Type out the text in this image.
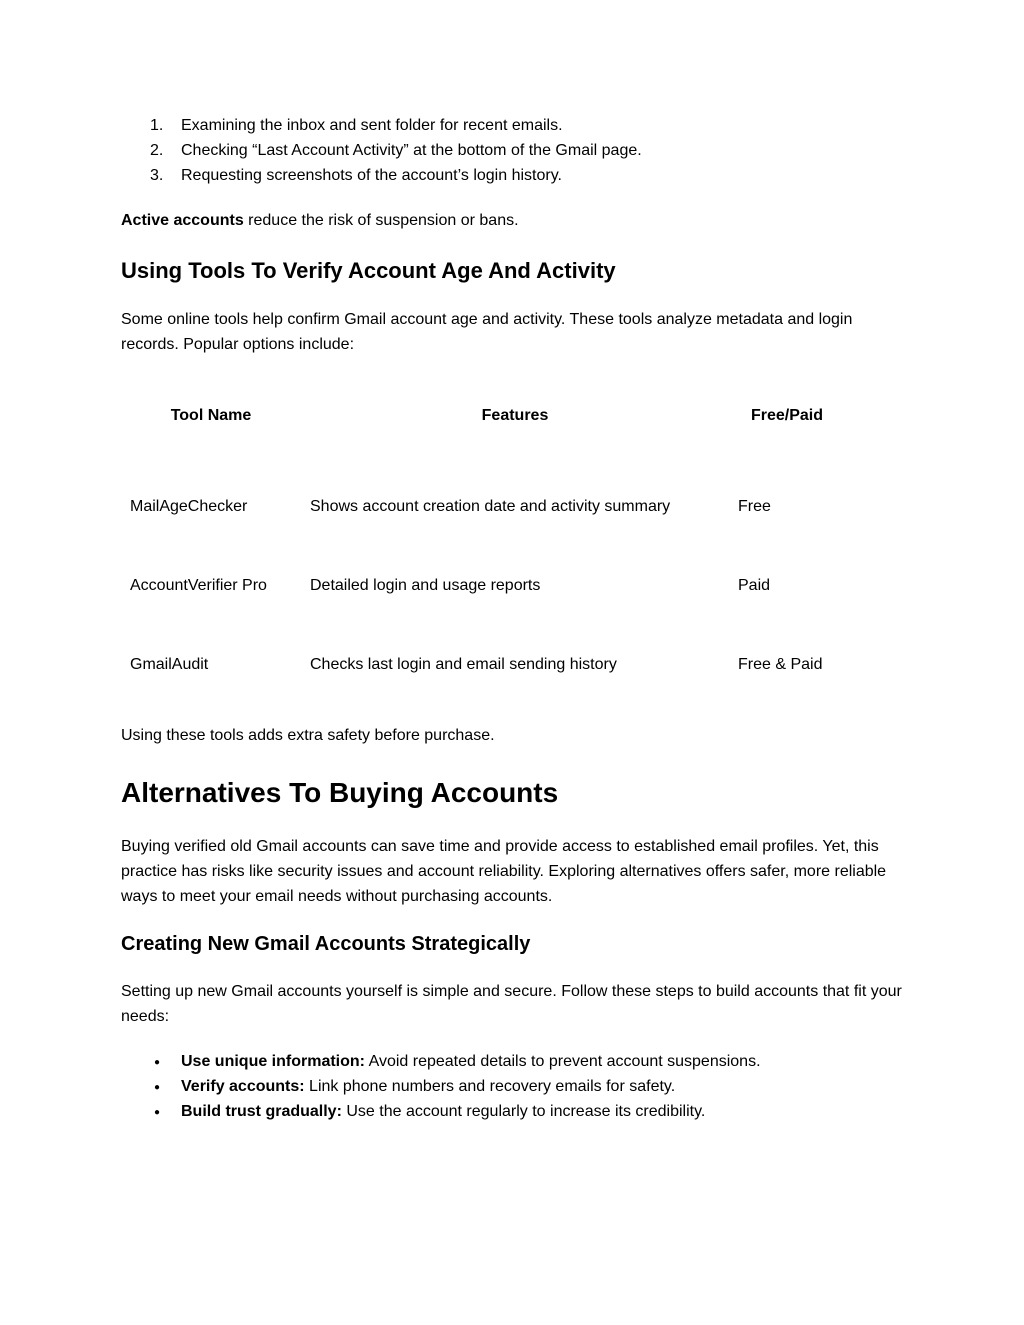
1. Examining the inbox and sent folder for recent emails.
2. Checking “Last Account Activity” at the bottom of the Gmail page.
3. Requesting screenshots of the account’s login history.

Active accounts reduce the risk of suspension or bans.

Using Tools To Verify Account Age And Activity

Some online tools help confirm Gmail account age and activity. These tools analyze metadata and login records. Popular options include:

Tool Name	Features	Free/Paid
MailAgeChecker	Shows account creation date and activity summary	Free
AccountVerifier Pro	Detailed login and usage reports	Paid
GmailAudit	Checks last login and email sending history	Free & Paid

Using these tools adds extra safety before purchase.

Alternatives To Buying Accounts

Buying verified old Gmail accounts can save time and provide access to established email profiles. Yet, this practice has risks like security issues and account reliability. Exploring alternatives offers safer, more reliable ways to meet your email needs without purchasing accounts.

Creating New Gmail Accounts Strategically

Setting up new Gmail accounts yourself is simple and secure. Follow these steps to build accounts that fit your needs:

● Use unique information: Avoid repeated details to prevent account suspensions.
● Verify accounts: Link phone numbers and recovery emails for safety.
● Build trust gradually: Use the account regularly to increase its credibility.
